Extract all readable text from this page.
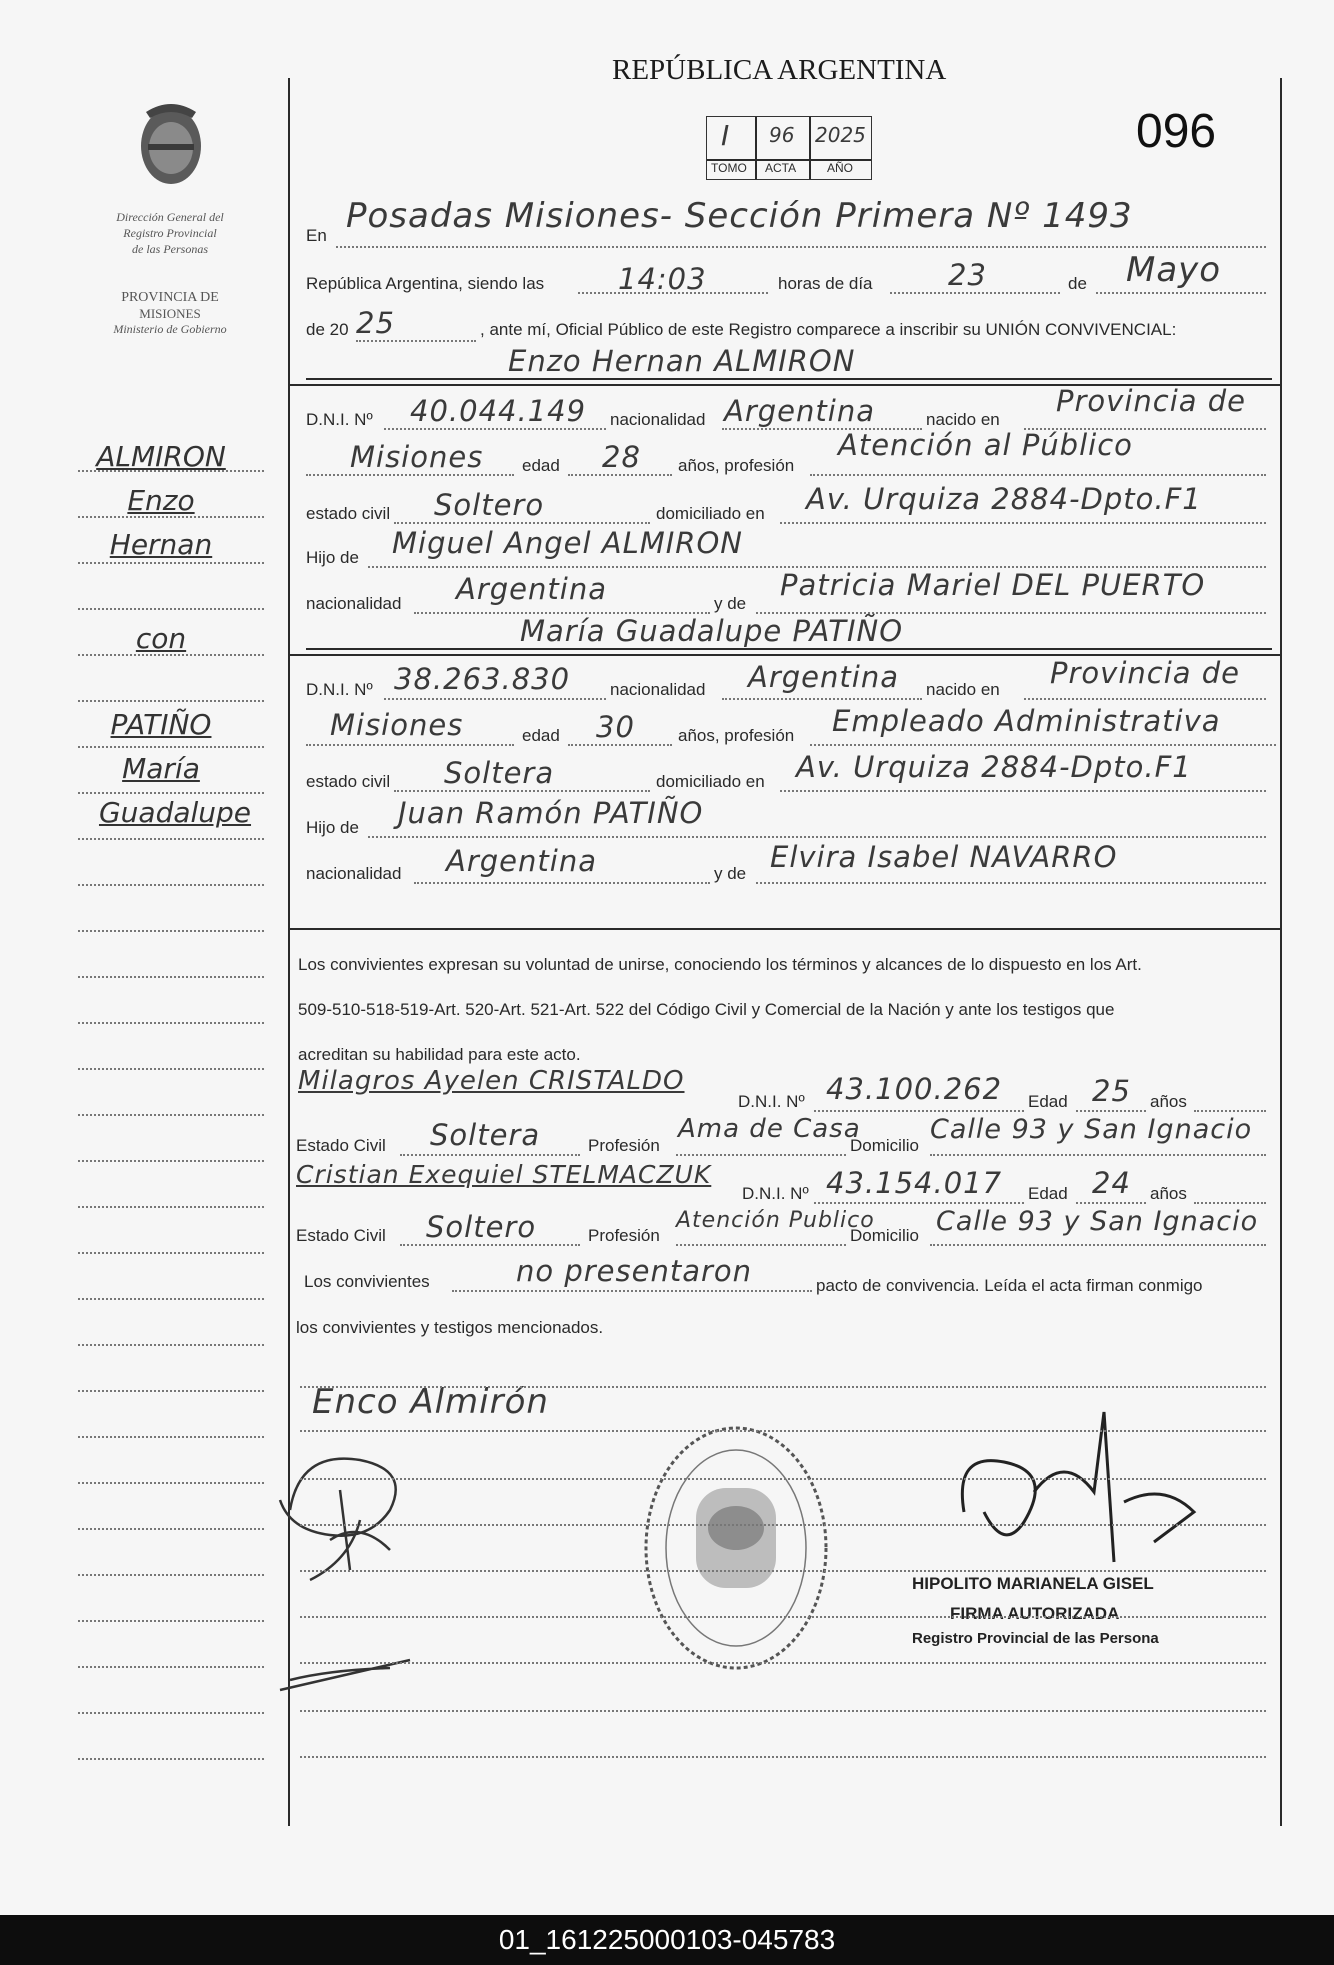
REPÚBLICA ARGENTINA
096
I 96 2025
TOMO ACTA	AÑO
Dirección General del
Registro Provincial
de las Personas
PROVINCIA DE
MISIONES
Ministerio de Gobierno
ALMIRON
Enzo
Hernan
con
PATIÑO
María
Guadalupe
En Posadas Misiones- Sección Primera Nº 1493
República Argentina, siendo las	14:03	horas de día	23	de Mayo
de 20 25	, ante mí, Oficial Público de este Registro comparece a inscribir su UNIÓN CONVIVENCIAL:
Enzo Hernan ALMIRON
D.N.I. Nº 40.044.149 nacionalidad Argentina	nacido en
Provincia de
Misiones edad 28 años, profesión
Atención al Público
estado civil Soltero	domiciliado en Av. Urquiza 2884-Dpto.F1
Hijo de Miguel Angel ALMIRON
nacionalidad Argentina	y de
Patricia Mariel DEL PUERTO
María Guadalupe PATIÑO
D.N.I. Nº 38.263.830 nacionalidad Argentina nacido en Provincia de
Misiones	edad 30	años, profesión Empleado Administrativa
estado civil Soltera	domiciliado en Av. Urquiza 2884-Dpto.F1
Hijo de Juan Ramón PATIÑO
nacionalidad Argentina	y de Elvira Isabel NAVARRO
Los convivientes expresan su voluntad de unirse, conociendo los términos y alcances de lo dispuesto en los Art.
509-510-518-519-Art. 520-Art. 521-Art. 522 del Código Civil y Comercial de la Nación y ante los testigos que
acreditan su habilidad para este acto.
Milagros Ayelen CRISTALDO
D.N.I. Nº 43.100.262 Edad 25 años
Estado Civil Soltera	Profesión
Ama de Casa
Domicilio
Calle 93 y San Ignacio
Cristian Exequiel STELMACZUK
D.N.I. Nº 43.154.017 Edad 24 años
Estado Civil Soltero	Profesión
Atención Publico
Domicilio Calle 93 y San Ignacio
Los convivientes	no presentaron	pacto de convivencia. Leída el acta firman conmigo
los convivientes y testigos mencionados.
Enco Almirón
HIPOLITO MARIANELA GISEL
FIRMA AUTORIZADA
Registro Provincial de las Persona
01_161225000103-045783
